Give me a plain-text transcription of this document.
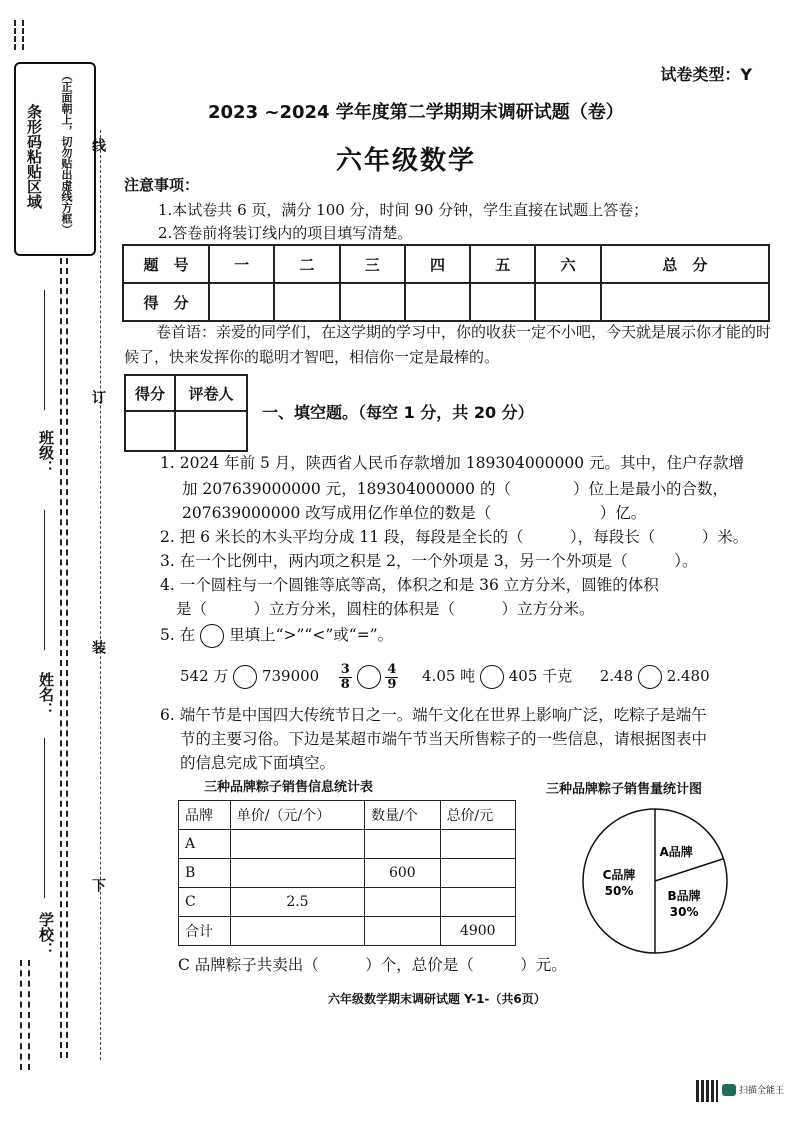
条形码粘贴区域 （正面朝上，切勿贴出虚线方框） 线
订
装
下
班级：
姓名：
学校：
试卷类型：Y
2023 ~2024 学年度第二学期期末调研试题（卷）
六年级数学
注意事项：
1.本试卷共 6 页，满分 100 分，时间 90 分钟，学生直接在试题上答卷；
2.答卷前将装订线内的项目填写清楚。
题　号	一	二	三	四	五	六	总　分
得　分							
卷首语：亲爱的同学们，在这学期的学习中，你的收获一定不小吧，今天就是展示你才能的时候了，快来发挥你的聪明才智吧，相信你一定是最棒的。
得分	评卷人

一、填空题。（每空 1 分，共 20 分）
1. 2024 年前 5 月，陕西省人民币存款增加 189304000000 元。其中，住户存款增
加 207639000000 元，189304000000 的（　　　　）位上是最小的合数，
207639000000 改写成用亿作单位的数是（　　　　　　　）亿。
2. 把 6 米长的木头平均分成 11 段，每段是全长的（　　　），每段长（　　　）米。
3. 在一个比例中，两内项之积是 2，一个外项是 3，另一个外项是（　　　）。
4. 一个圆柱与一个圆锥等底等高，体积之和是 36 立方分米，圆锥的体积
是（　　　）立方分米，圆柱的体积是（　　　）立方分米。
5. 在 里填上“>”“<”或“=”。
542 万 $739000 \frac{3}{8}$	$\frac{4}{9} 4.05$ 吨 405 千克 2.48 2.480
6. 端午节是中国四大传统节日之一。端午文化在世界上影响广泛，吃粽子是端午
节的主要习俗。下边是某超市端午节当天所售粽子的一些信息，请根据图表中
的信息完成下面填空。
三种品牌粽子销售信息统计表	三种品牌粽子销售量统计图
品牌	单价/（元/个）	数量/个	总价/元
A			
B		600	
C	2.5		
合计			4900
A品牌
B品牌
30%
C品牌
50%
C 品牌粽子共卖出（　　　）个，总价是（　　　）元。
六年级数学期末调研试题 Y-1-（共6页）
扫描全能王
